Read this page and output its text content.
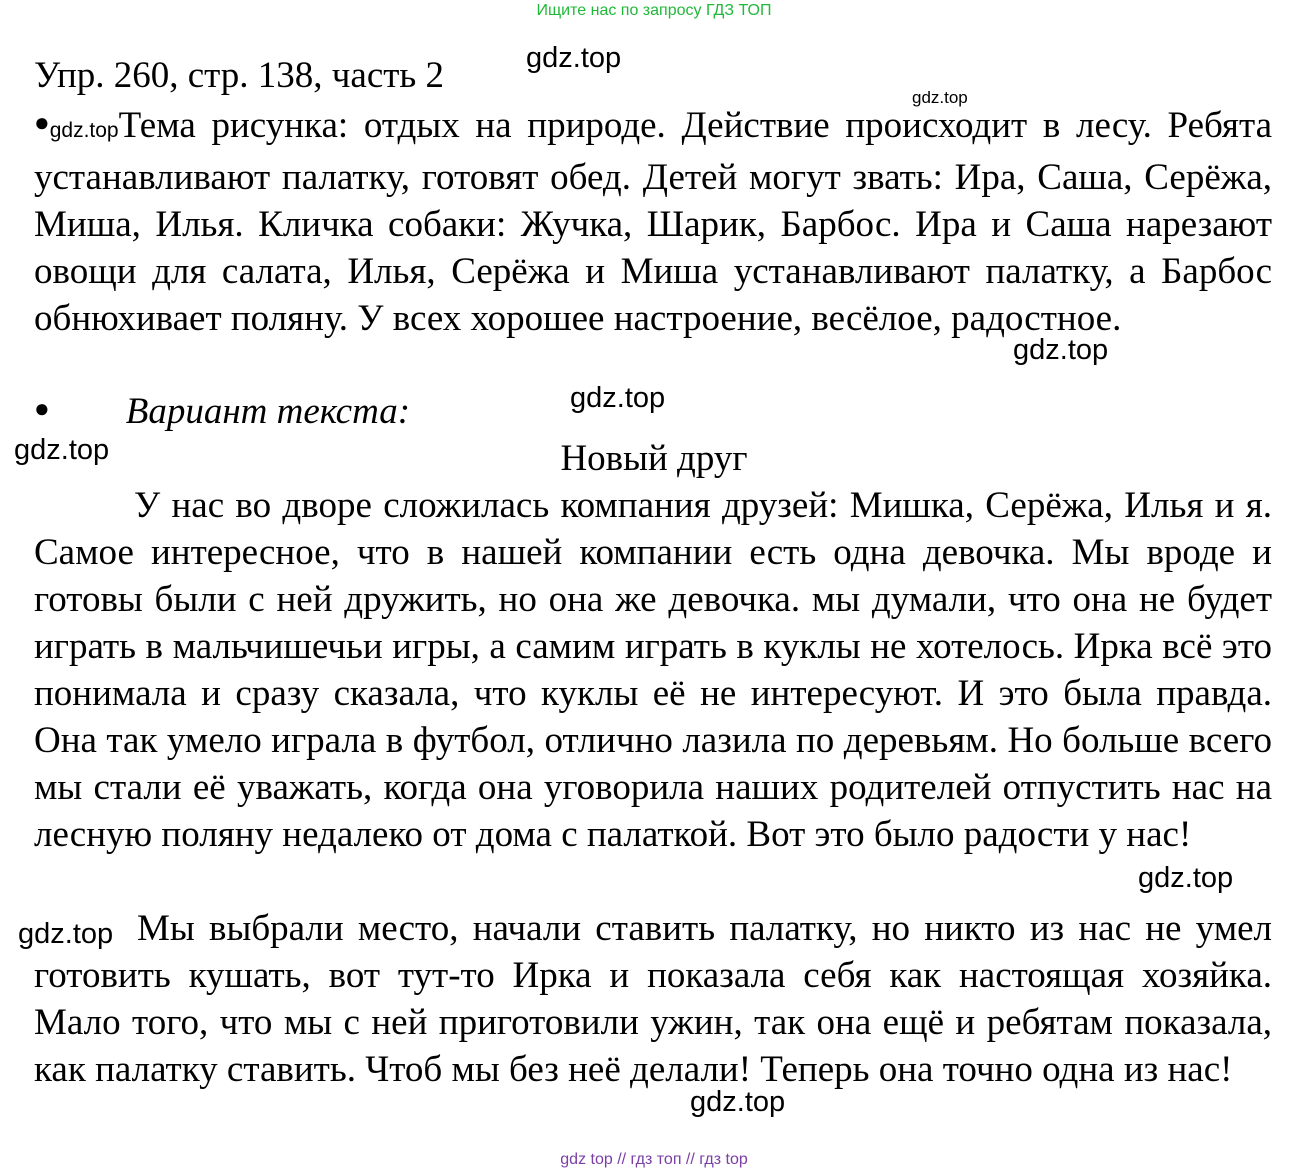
Ищите нас по запросу ГДЗ ТОП
Упр. 260, стр. 138, часть 2	gdz.top
gdz.top
●gdz.topТема рисунка: отдых на природе. Действие происходит в лесу. Ребята устанавливают палатку, готовят обед. Детей могут звать: Ира, Саша, Серёжа, Миша, Илья. Кличка собаки: Жучка, Шарик, Барбос. Ира и Саша нарезают овощи для салата, Илья, Серёжа и Миша устанавливают палатку, а Барбос обнюхивает поляну. У всех хорошее настроение, весёлое, радостное.
gdz.top
● Вариант текста:	gdz.top
gdz.top	Новый друг
У нас во дворе сложилась компания друзей: Мишка, Серёжа, Илья и я. Самое интересное, что в нашей компании есть одна девочка. Мы вроде и готовы были с ней дружить, но она же девочка. мы думали, что она не будет играть в мальчишечьи игры, а самим играть в куклы не хотелось. Ирка всё это понимала и сразу сказала, что куклы её не интересуют. И это была правда. Она так умело играла в футбол, отлично лазила по деревьям. Но больше всего мы стали её уважать, когда она уговорила наших родителей отпустить нас на лесную поляну недалеко от дома с палаткой. Вот это было радости у нас!
gdz.top
gdz.top Мы выбрали место, начали ставить палатку, но никто из нас не умел готовить кушать, вот тут-то Ирка и показала себя как настоящая хозяйка. Мало того, что мы с ней приготовили ужин, так она ещё и ребятам показала, как палатку ставить. Чтоб мы без неё делали! Теперь она точно одна из нас!
gdz.top
gdz top // гдз топ // гдз top
